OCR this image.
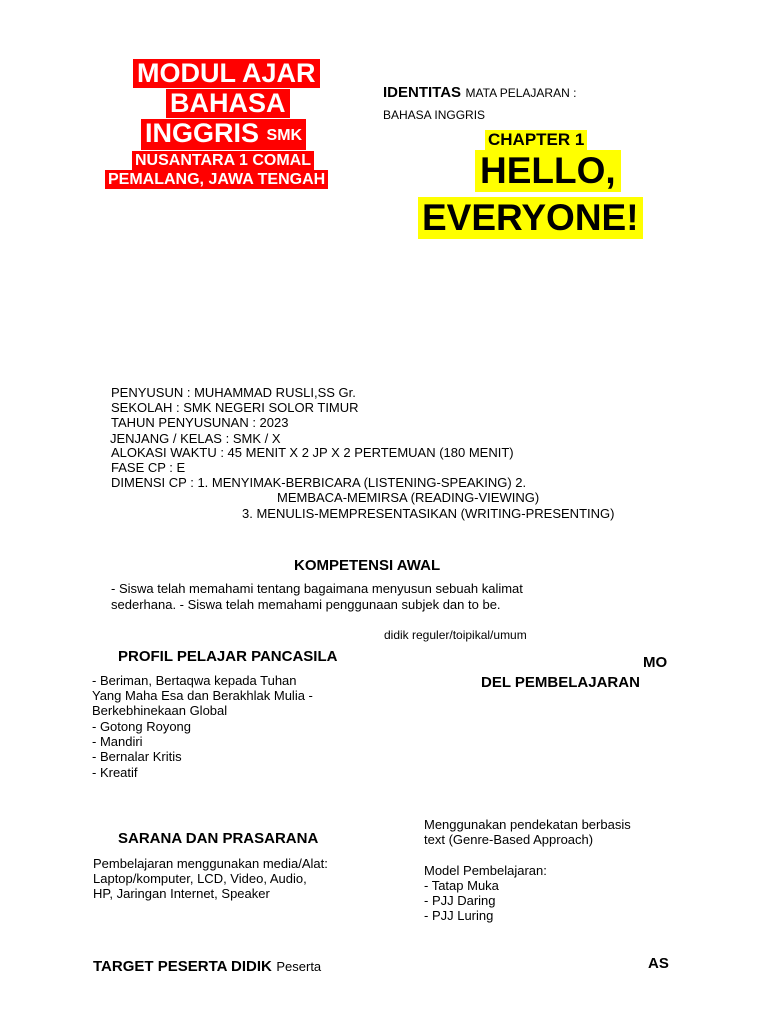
MODUL AJAR
BAHASA
INGGRIS SMK
NUSANTARA 1 COMAL
PEMALANG, JAWA TENGAH
IDENTITAS MATA PELAJARAN :
BAHASA INGGRIS
CHAPTER 1
HELLO,
EVERYONE!
PENYUSUN : MUHAMMAD RUSLI,SS Gr.
SEKOLAH : SMK NEGERI SOLOR TIMUR
TAHUN PENYUSUNAN : 2023
JENJANG / KELAS : SMK / X
ALOKASI WAKTU : 45 MENIT X 2 JP X 2 PERTEMUAN (180 MENIT)
FASE CP : E
DIMENSI CP : 1. MENYIMAK-BERBICARA (LISTENING-SPEAKING) 2.
MEMBACA-MEMIRSA (READING-VIEWING)
3. MENULIS-MEMPRESENTASIKAN (WRITING-PRESENTING)
KOMPETENSI AWAL
- Siswa telah memahami tentang bagaimana menyusun sebuah kalimat
sederhana. - Siswa telah memahami penggunaan subjek dan to be.
didik reguler/toipikal/umum
PROFIL PELAJAR PANCASILA
- Beriman, Bertaqwa kepada Tuhan
Yang Maha Esa dan Berakhlak Mulia -
Berkebhinekaan Global
- Gotong Royong
- Mandiri
- Bernalar Kritis
- Kreatif
MO
DEL PEMBELAJARAN
Menggunakan pendekatan berbasis
text (Genre-Based Approach)
Model Pembelajaran:
- Tatap Muka
- PJJ Daring
- PJJ Luring
SARANA DAN PRASARANA
Pembelajaran menggunakan media/Alat:
Laptop/komputer, LCD, Video, Audio,
HP, Jaringan Internet, Speaker
TARGET PESERTA DIDIK Peserta	AS
